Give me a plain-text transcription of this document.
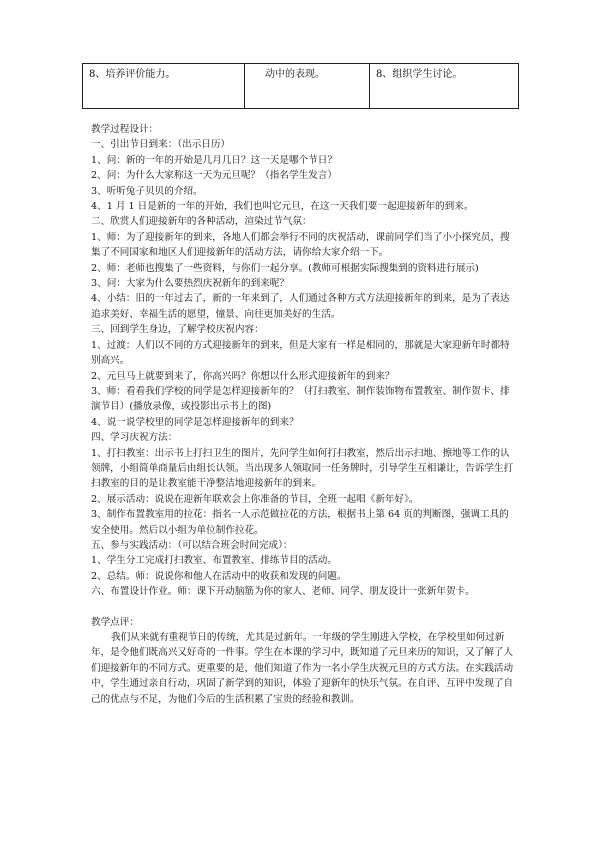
8、培养评价能力。	动中的表现。	8、组织学生讨论。

教学过程设计：

一、引出节日到来：（出示日历）

1、问：新的一年的开始是几月几日？这一天是哪个节日？

2、问：为什么大家称这一天为元旦呢？（指名学生发言）

3、听听兔子贝贝的介绍。

4、1 月 1 日是新的一年的开始，我们也叫它元旦，在这一天我们要一起迎接新年的到来。

二、欣赏人们迎接新年的各种活动，渲染过节气氛：

1、师：为了迎接新年的到来，各地人们都会举行不同的庆祝活动，课前同学们当了小小探究员，搜集了不同国家和地区人们迎接新年的活动方法，请你给大家介绍一下。

2、师：老师也搜集了一些资料，与你们一起分享。(教师可根据实际搜集到的资料进行展示)

3、问：大家为什么要热烈庆祝新年的到来呢？

4、小结：旧的一年过去了，新的一年来到了，人们通过各种方式方法迎接新年的到来，是为了表达追求美好、幸福生活的愿望，憧景、向往更加美好的生活。

三、回到学生身边，了解学校庆祝内容：

1、过渡：人们以不同的方式迎接新年的到来，但是大家有一样是相同的，那就是大家迎新年时都特别高兴。

2、元旦马上就要到来了，你高兴吗？你想以什么形式迎接新年的到来？

3、师：看看我们学校的同学是怎样迎接新年的？（打扫教室、制作装饰物布置教室、制作贺卡、排演节目）(播放录像，或投影出示书上的图)

4、说一说学校里的同学是怎样迎接新年的到来？

四、学习庆祝方法：

1、打扫教室：出示书上打扫卫生的图片，先问学生如何打扫教室，然后出示扫地、擦地等工作的认领牌，小组简单商量后由组长认领。当出现多人领取同一任务牌时，引导学生互相谦让，告诉学生打扫教室的目的是让教室能干净整洁地迎接新年的到来。

2、展示活动：说说在迎新年联欢会上你准备的节目，全班一起唱《新年好》。

3、制作布置教室用的拉花：指名一人示范做拉花的方法，根据书上第 64 页的判断图，强调工具的安全使用。然后以小组为单位制作拉花。

五、参与实践活动：（可以结合班会时间完成）：

1、学生分工完成打扫教室、布置教室、排练节目的活动。

2、总结。师：说说你和他人在活动中的收获和发现的问题。

六、布置设计作业。师：课下开动脑筋为你的家人、老师、同学、朋友设计一张新年贺卡。

教学点评：

我们从来就有重视节日的传统，尤其是过新年。一年级的学生刚进入学校，在学校里如何过新年，是令他们既高兴又好奇的一件事。学生在本课的学习中，既知道了元旦来历的知识，又了解了人们迎接新年的不同方式。更重要的是，他们知道了作为一名小学生庆祝元旦的方式方法。在实践活动中，学生通过亲自行动，巩固了新学到的知识，体验了迎新年的快乐气氛。在自评、互评中发现了自己的优点与不足，为他们今后的生活积累了宝贵的经验和教训。
